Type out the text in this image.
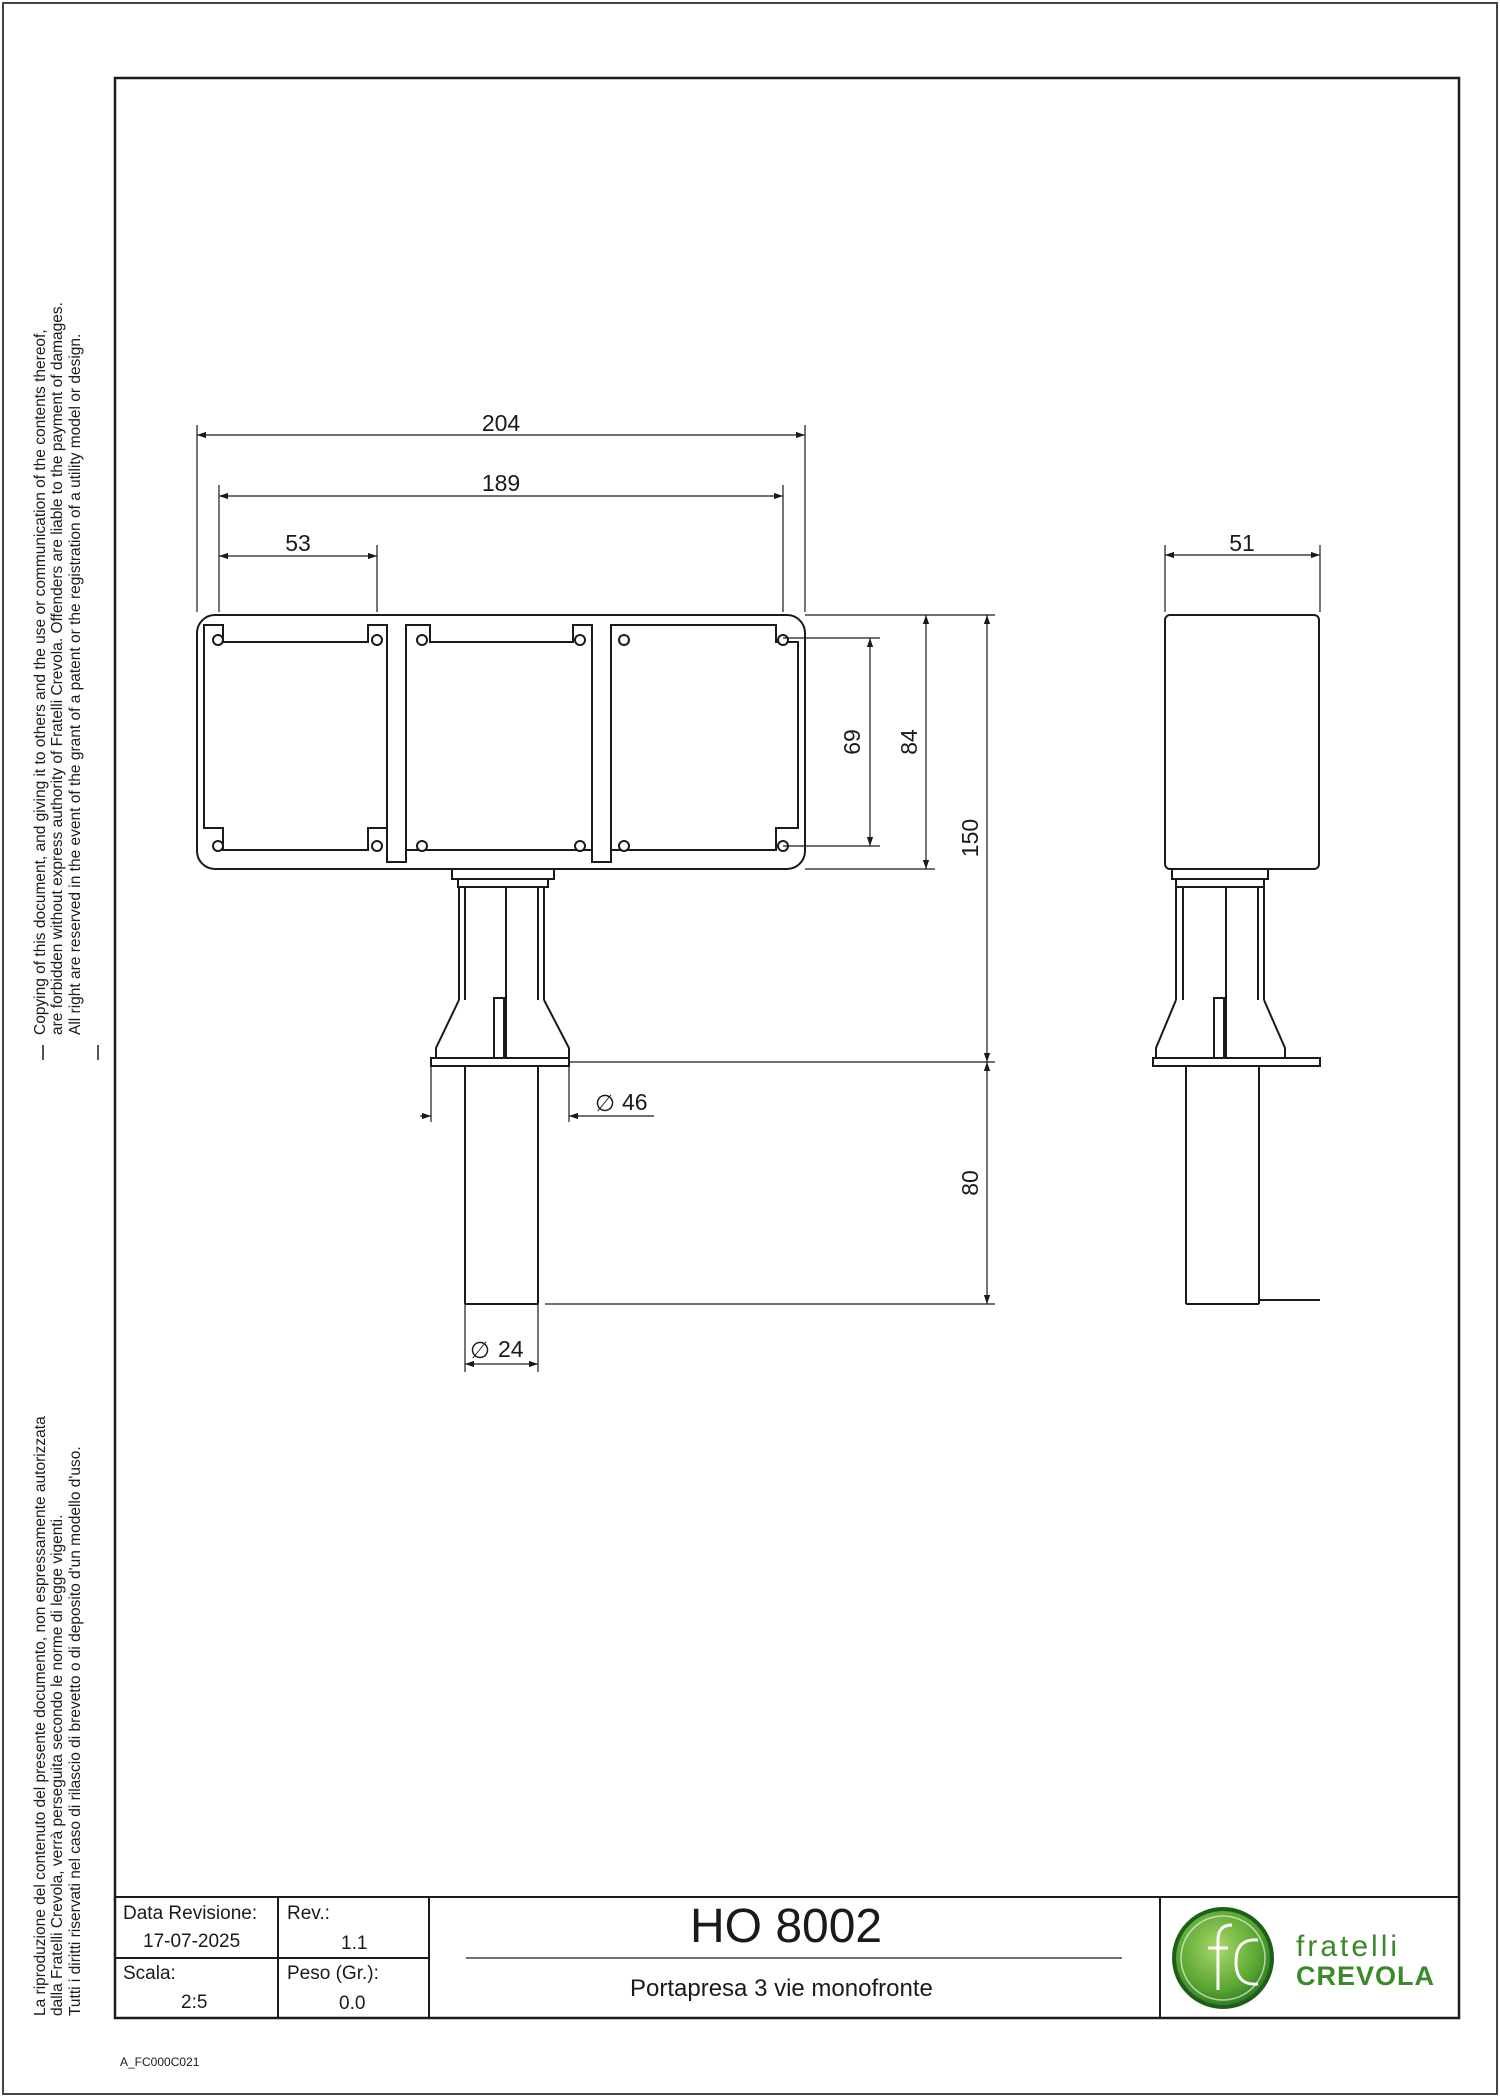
204
189
53	51
69 84
150
80
∅ 46
∅ 24
fratelli
CREVOLA
Copying of this document, and giving it to others and the use or communication of the contents thereof, are forbidden without express authority of Fratelli Crevola. Offenders are liable to the payment of damages. All right are reserved in the event of the grant of a patent or the registration of a utility model or design.
La riproduzione del contenuto del presente documento, non espressamente autorizzata dalla Fratelli Crevola, verrà perseguita secondo le norme di legge vigenti. Tutti i diritti riservati nel caso di rilascio di brevetto o di deposito d'un modello d'uso. Data Revisione:
17-07-2025
Rev.:
1.1
Scala:
2:5
Peso (Gr.):
0.0
HO 8002
Portapresa 3 vie monofronte
A_FC000C021
